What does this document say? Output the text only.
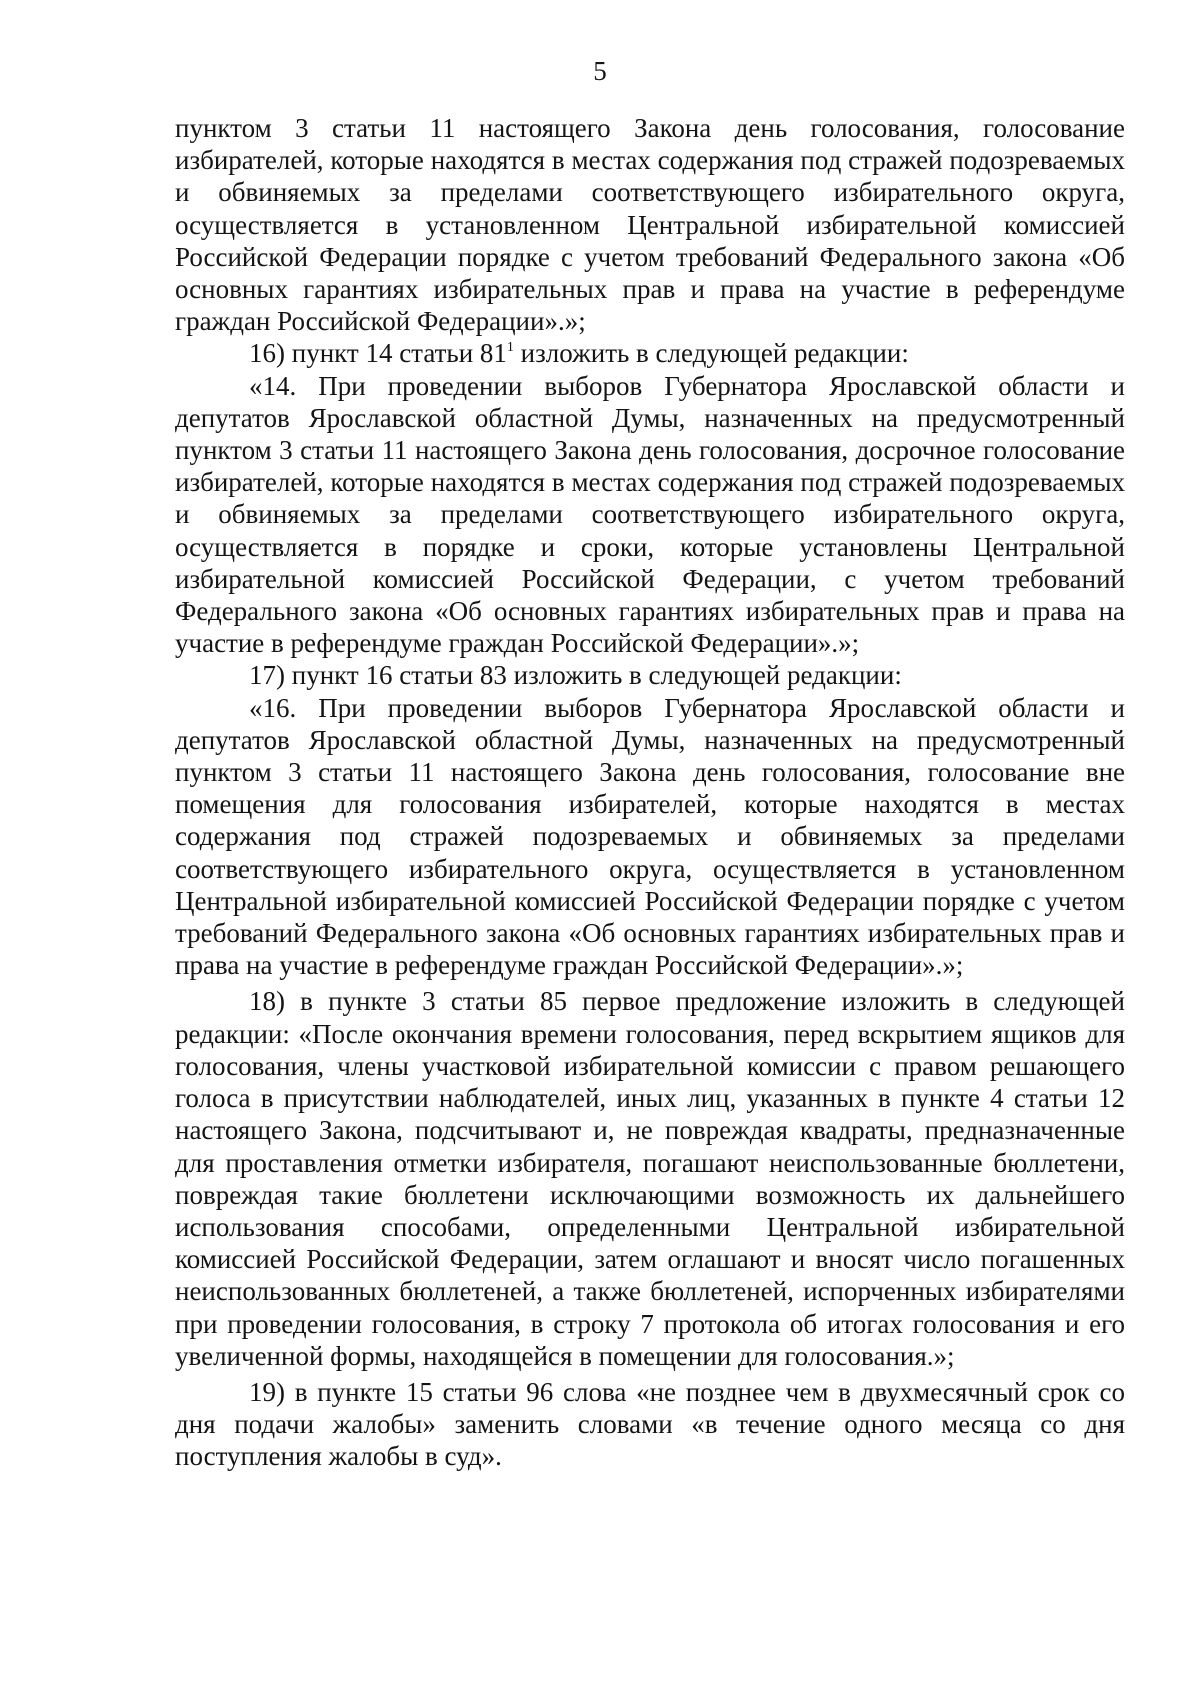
5

пунктом 3 статьи 11 настоящего Закона день голосования, голосование избирателей, которые находятся в местах содержания под стражей подозреваемых и обвиняемых за пределами соответствующего избирательного округа, осуществляется в установленном Центральной избирательной комиссией Российской Федерации порядке с учетом требований Федерального закона «Об основных гарантиях избирательных прав и права на участие в референдуме граждан Российской Федерации».»;

16) пункт 14 статьи $81^1$ изложить в следующей редакции:

«14. При проведении выборов Губернатора Ярославской области и депутатов Ярославской областной Думы, назначенных на предусмотренный пунктом 3 статьи 11 настоящего Закона день голосования, досрочное голосование избирателей, которые находятся в местах содержания под стражей подозреваемых и обвиняемых за пределами соответствующего избирательного округа, осуществляется в порядке и сроки, которые установлены Центральной избирательной комиссией Российской Федерации, с учетом требований Федерального закона «Об основных гарантиях избирательных прав и права на участие в референдуме граждан Российской Федерации».»;

17) пункт 16 статьи 83 изложить в следующей редакции:

«16. При проведении выборов Губернатора Ярославской области и депутатов Ярославской областной Думы, назначенных на предусмотренный пунктом 3 статьи 11 настоящего Закона день голосования, голосование вне помещения для голосования избирателей, которые находятся в местах содержания под стражей подозреваемых и обвиняемых за пределами соответствующего избирательного округа, осуществляется в установленном Центральной избирательной комиссией Российской Федерации порядке с учетом требований Федерального закона «Об основных гарантиях избирательных прав и права на участие в референдуме граждан Российской Федерации».»;

18) в пункте 3 статьи 85 первое предложение изложить в следующей редакции: «После окончания времени голосования, перед вскрытием ящиков для голосования, члены участковой избирательной комиссии с правом решающего голоса в присутствии наблюдателей, иных лиц, указанных в пункте 4 статьи 12 настоящего Закона, подсчитывают и, не повреждая квадраты, предназначенные для проставления отметки избирателя, погашают неиспользованные бюллетени, повреждая такие бюллетени исключающими возможность их дальнейшего использования способами, определенными Центральной избирательной комиссией Российской Федерации, затем оглашают и вносят число погашенных неиспользованных бюллетеней, а также бюллетеней, испорченных избирателями при проведении голосования, в строку 7 протокола об итогах голосования и его увеличенной формы, находящейся в помещении для голосования.»;

19) в пункте 15 статьи 96 слова «не позднее чем в двухмесячный срок со дня подачи жалобы» заменить словами «в течение одного месяца со дня поступления жалобы в суд».
